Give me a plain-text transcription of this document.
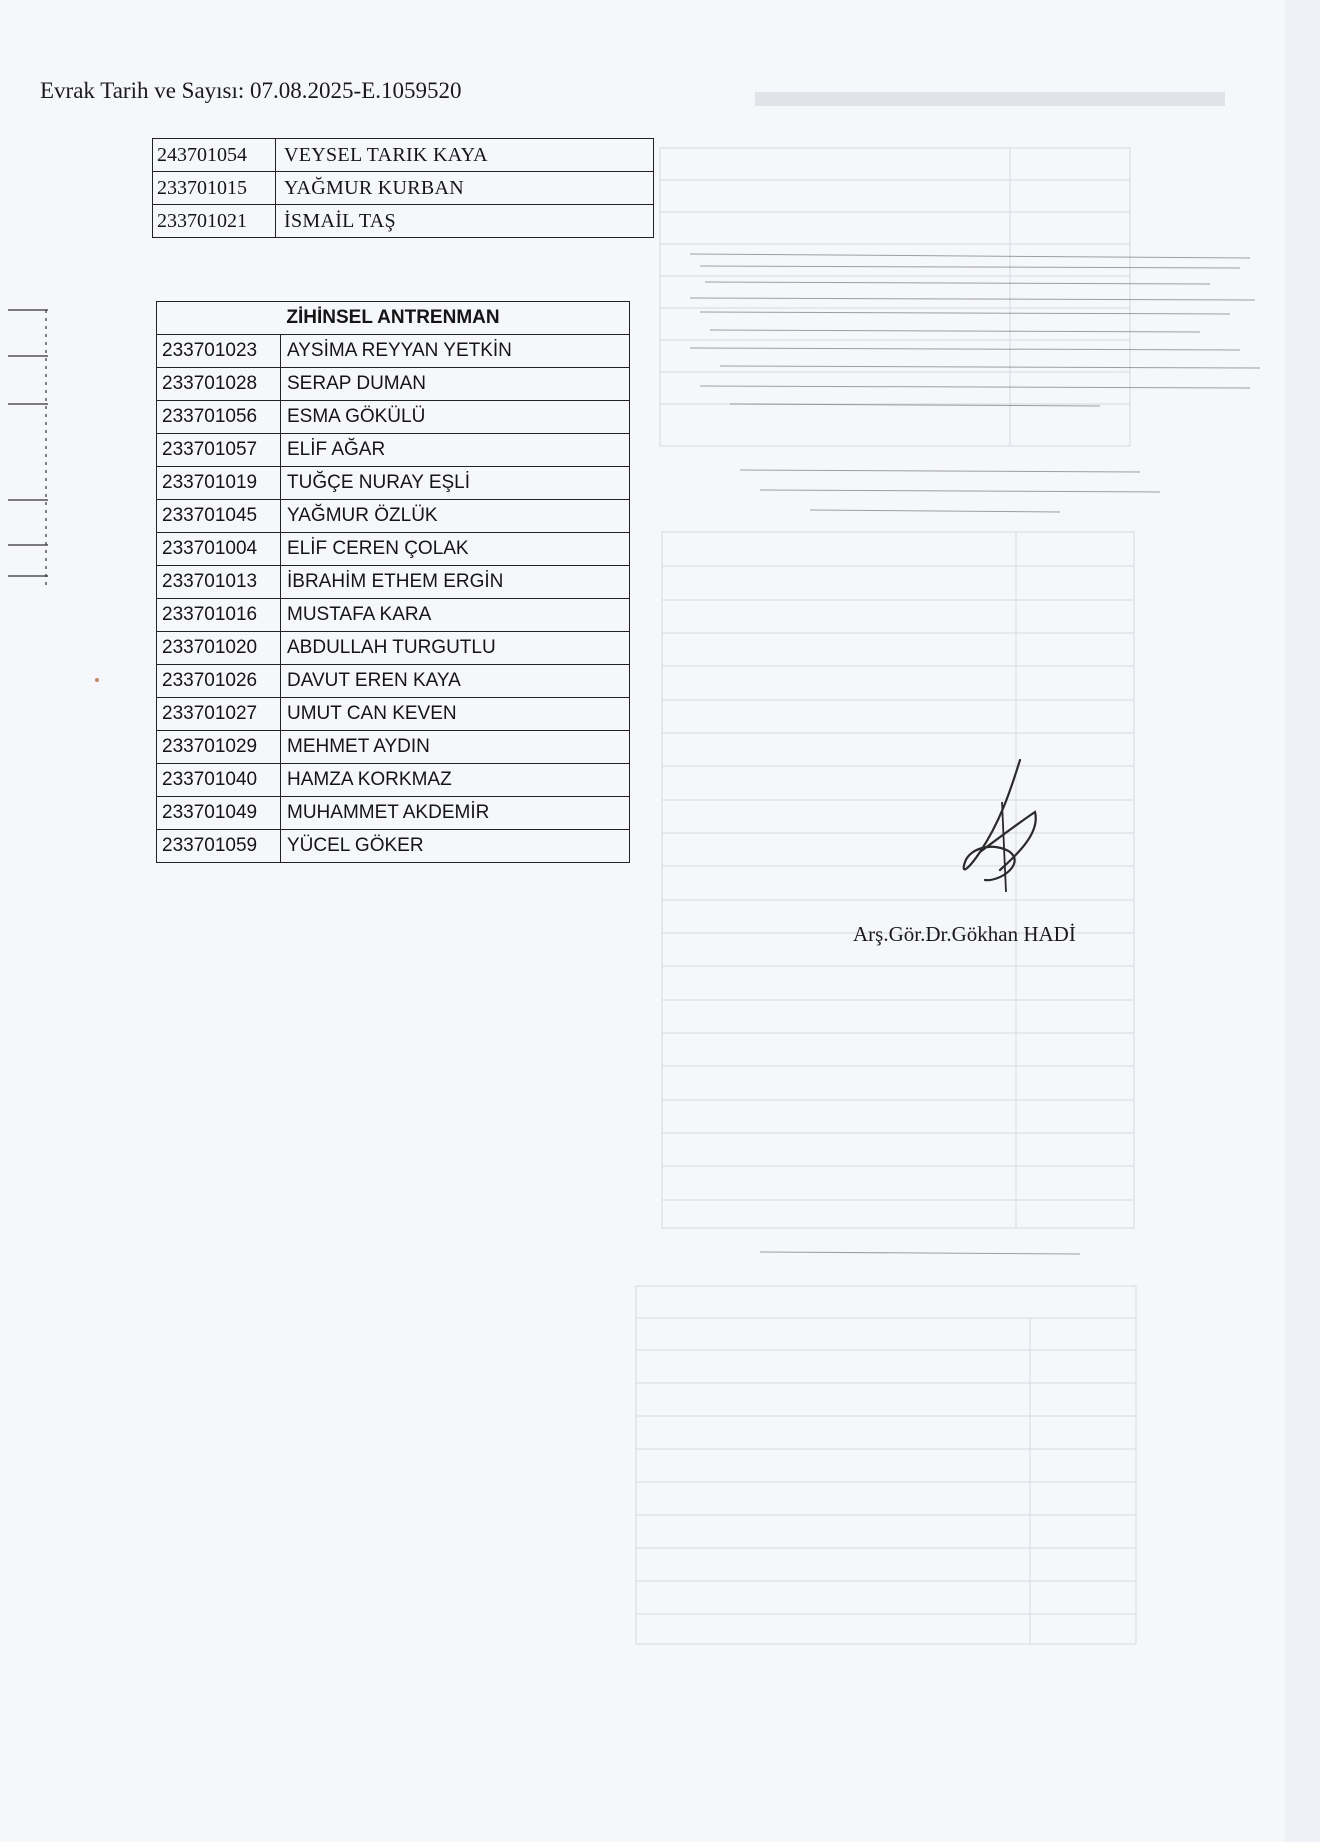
Evrak Tarih ve Sayısı: 07.08.2025-E.1059520
243701054	VEYSEL TARIK KAYA
233701015	YAĞMUR KURBAN
233701021	İSMAİL TAŞ
ZİHİNSEL ANTRENMAN	
233701023	AYSİMA REYYAN YETKİN
233701028	SERAP DUMAN
233701056	ESMA GÖKÜLÜ
233701057	ELİF AĞAR
233701019	TUĞÇE NURAY EŞLİ
233701045	YAĞMUR ÖZLÜK
233701004	ELİF CEREN ÇOLAK
233701013	İBRAHİM ETHEM ERGİN
233701016	MUSTAFA KARA
233701020	ABDULLAH TURGUTLU
233701026	DAVUT EREN KAYA
233701027	UMUT CAN KEVEN
233701029	MEHMET AYDIN
233701040	HAMZA KORKMAZ
233701049	MUHAMMET AKDEMİR
233701059	YÜCEL GÖKER
Arş.Gör.Dr.Gökhan HADİ
